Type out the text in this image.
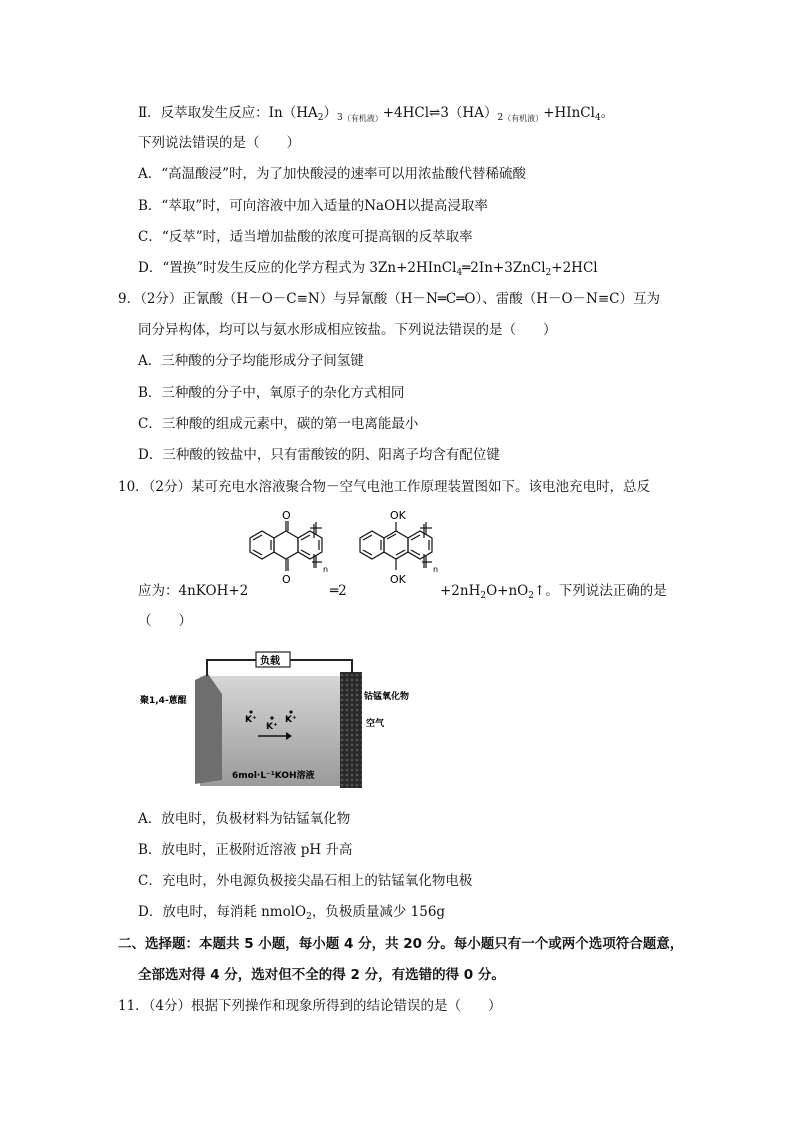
Ⅱ．反萃取发生反应：$In(HA_2)_{3(有机液)}+4HCl\rightleftharpoons 3(HA)_{2(有机液)}+HInCl_4$。
下列说法错误的是（　　）
A．“高温酸浸”时，为了加快酸浸的速率可以用浓盐酸代替稀硫酸
B．“萃取”时，可向溶液中加入适量的NaOH以提高浸取率
C．“反萃”时，适当增加盐酸的浓度可提高铟的反萃取率
D．“置换”时发生反应的化学方程式为 3Zn+2HInCl$_4$═2In+3ZnCl$_2$+2HCl
9．（2分）正氰酸（H－O－C≡N）与异氰酸（H－N═C═O）、雷酸（H－O－N≡C）互为
同分异构体，均可以与氨水形成相应铵盐。下列说法错误的是（　　）
A．三种酸的分子均能形成分子间氢键
B．三种酸的分子中，氧原子的杂化方式相同
C．三种酸的组成元素中，碳的第一电离能最小
D．三种酸的铵盐中，只有雷酸铵的阴、阳离子均含有配位键
10．（2分）某可充电水溶液聚合物－空气电池工作原理装置图如下。该电池充电时，总反
O
O
n
OK
OK
n
应为：4nKOH+2	═2	$+2nH_2O+nO_2↑$。下列说法正确的是
（　　）
负载
聚1,4-蒽醌	钴锰氧化物
空气
K⁺
K⁺
K⁺
6mol·L⁻¹KOH溶液
A．放电时，负极材料为钴锰氧化物
B．放电时，正极附近溶液 pH 升高
C．充电时，外电源负极接尖晶石相上的钴锰氧化物电极
D．放电时，每消耗 nmolO$_2$，负极质量减少 156g
二、选择题：本题共 5 小题，每小题 4 分，共 20 分。每小题只有一个或两个选项符合题意，
全部选对得 4 分，选对但不全的得 2 分，有选错的得 0 分。
11．（4分）根据下列操作和现象所得到的结论错误的是（　　）
